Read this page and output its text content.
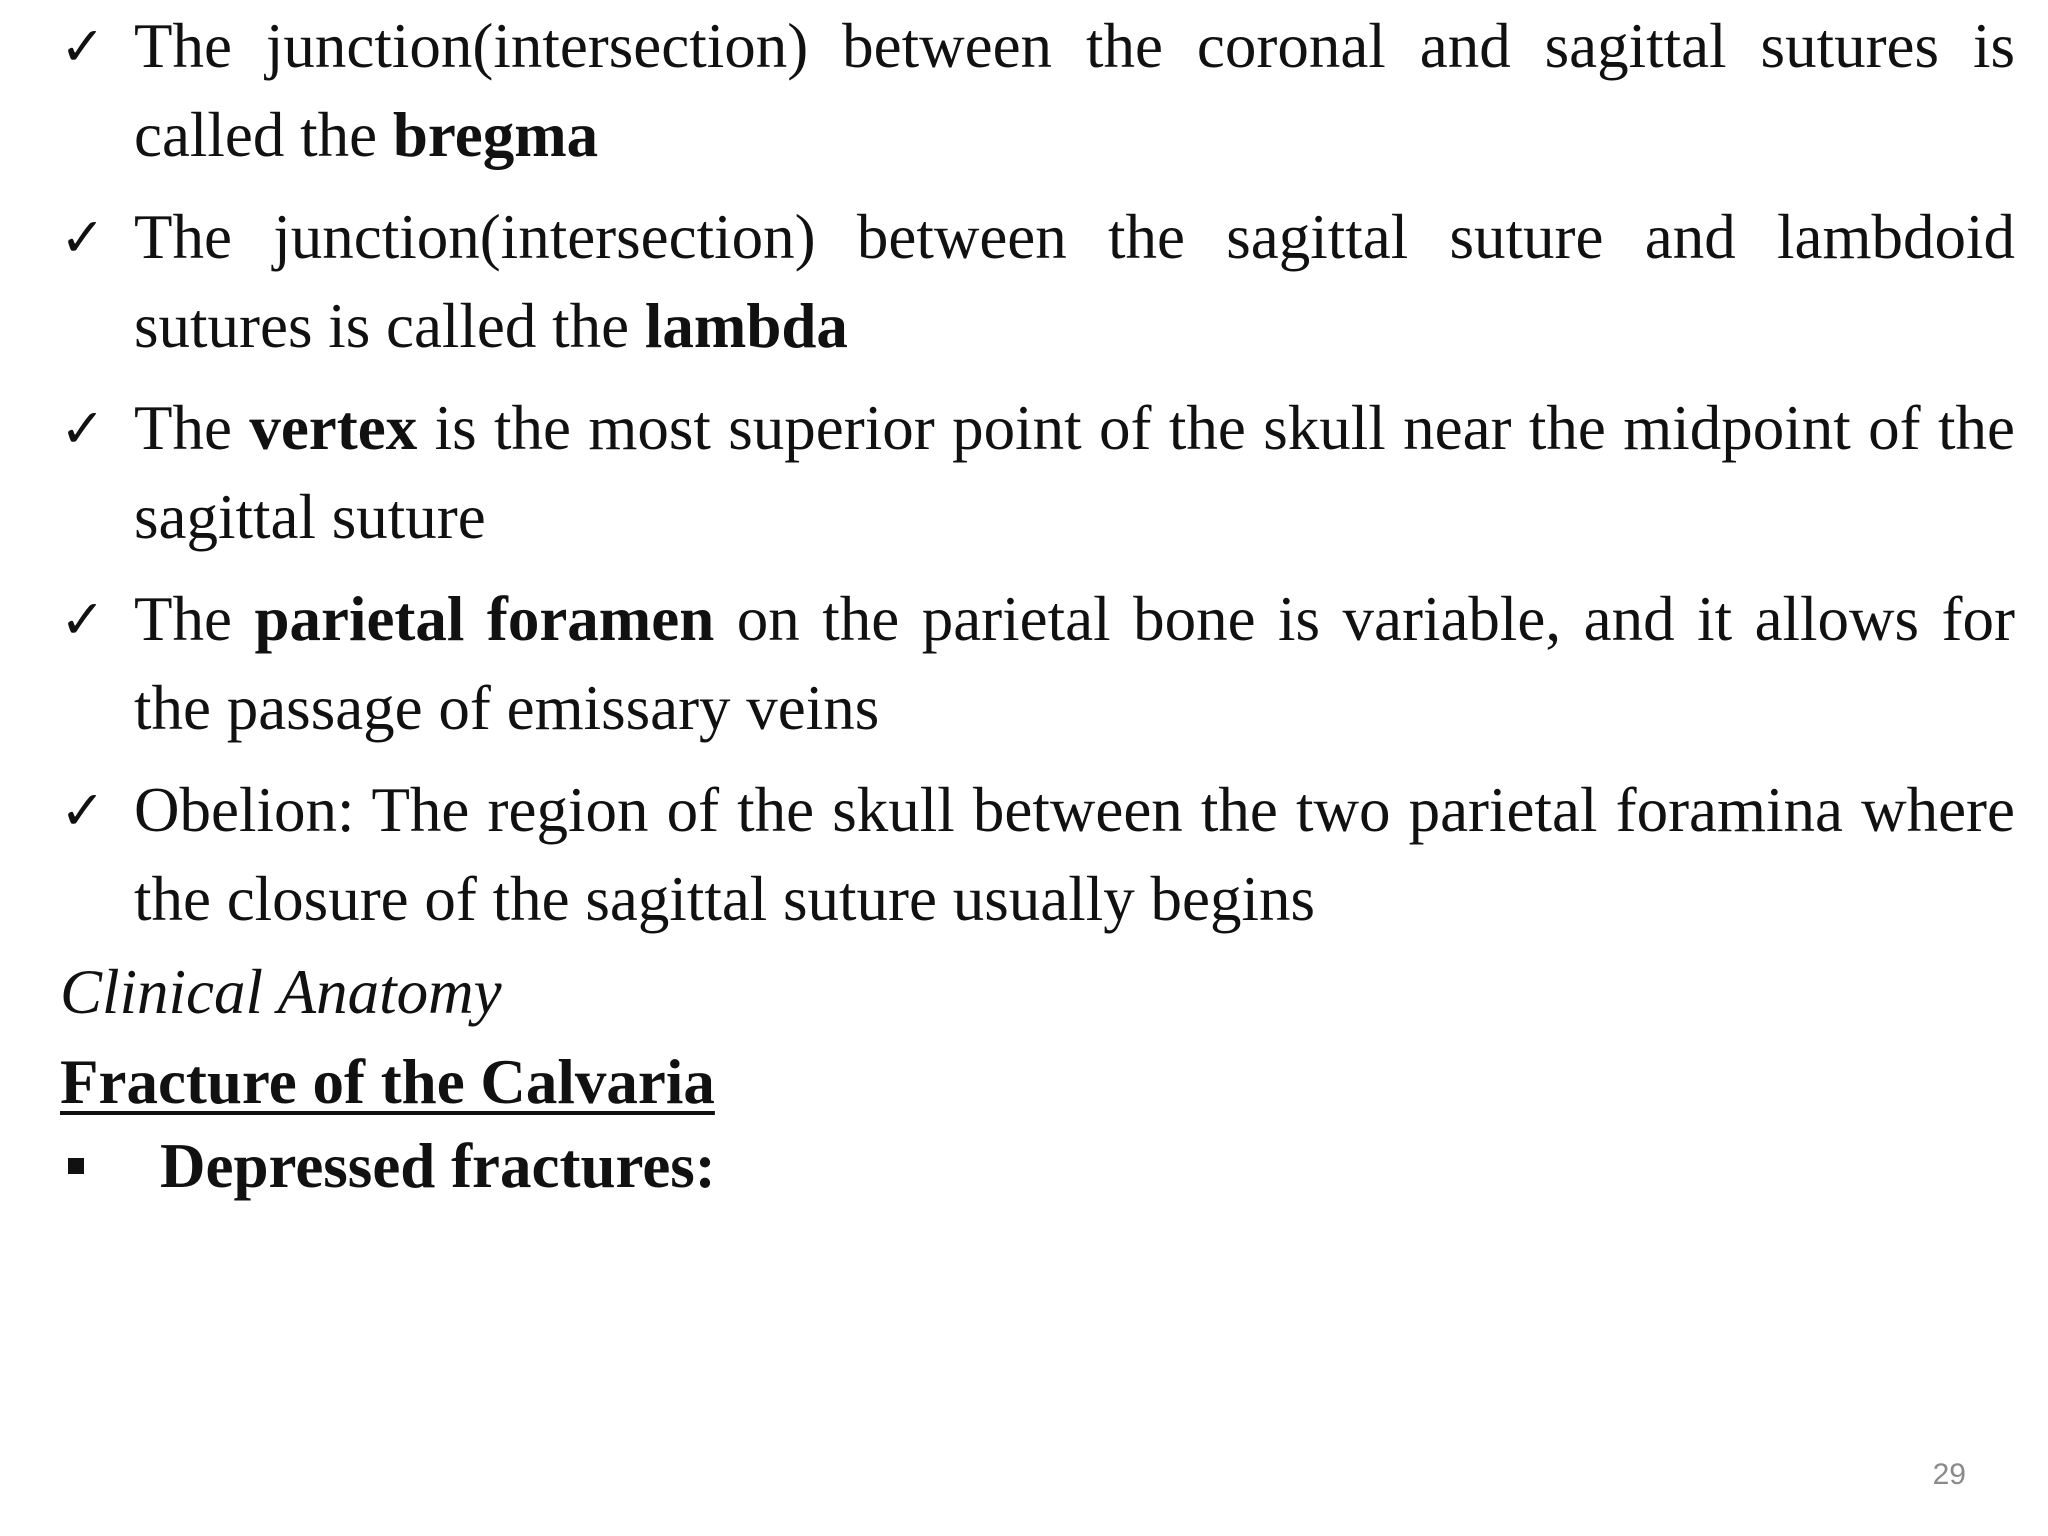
✓ The junction(intersection) between the coronal and sagittal sutures is called the bregma
✓ The junction(intersection) between the sagittal suture and lambdoid sutures is called the lambda
✓ The vertex is the most superior point of the skull near the midpoint of the sagittal suture
✓ The parietal foramen on the parietal bone is variable, and it allows for the passage of emissary veins
✓ Obelion: The region of the skull between the two parietal foramina where the closure of the sagittal suture usually begins

Clinical Anatomy

Fracture of the Calvaria
Depressed fractures:
29
